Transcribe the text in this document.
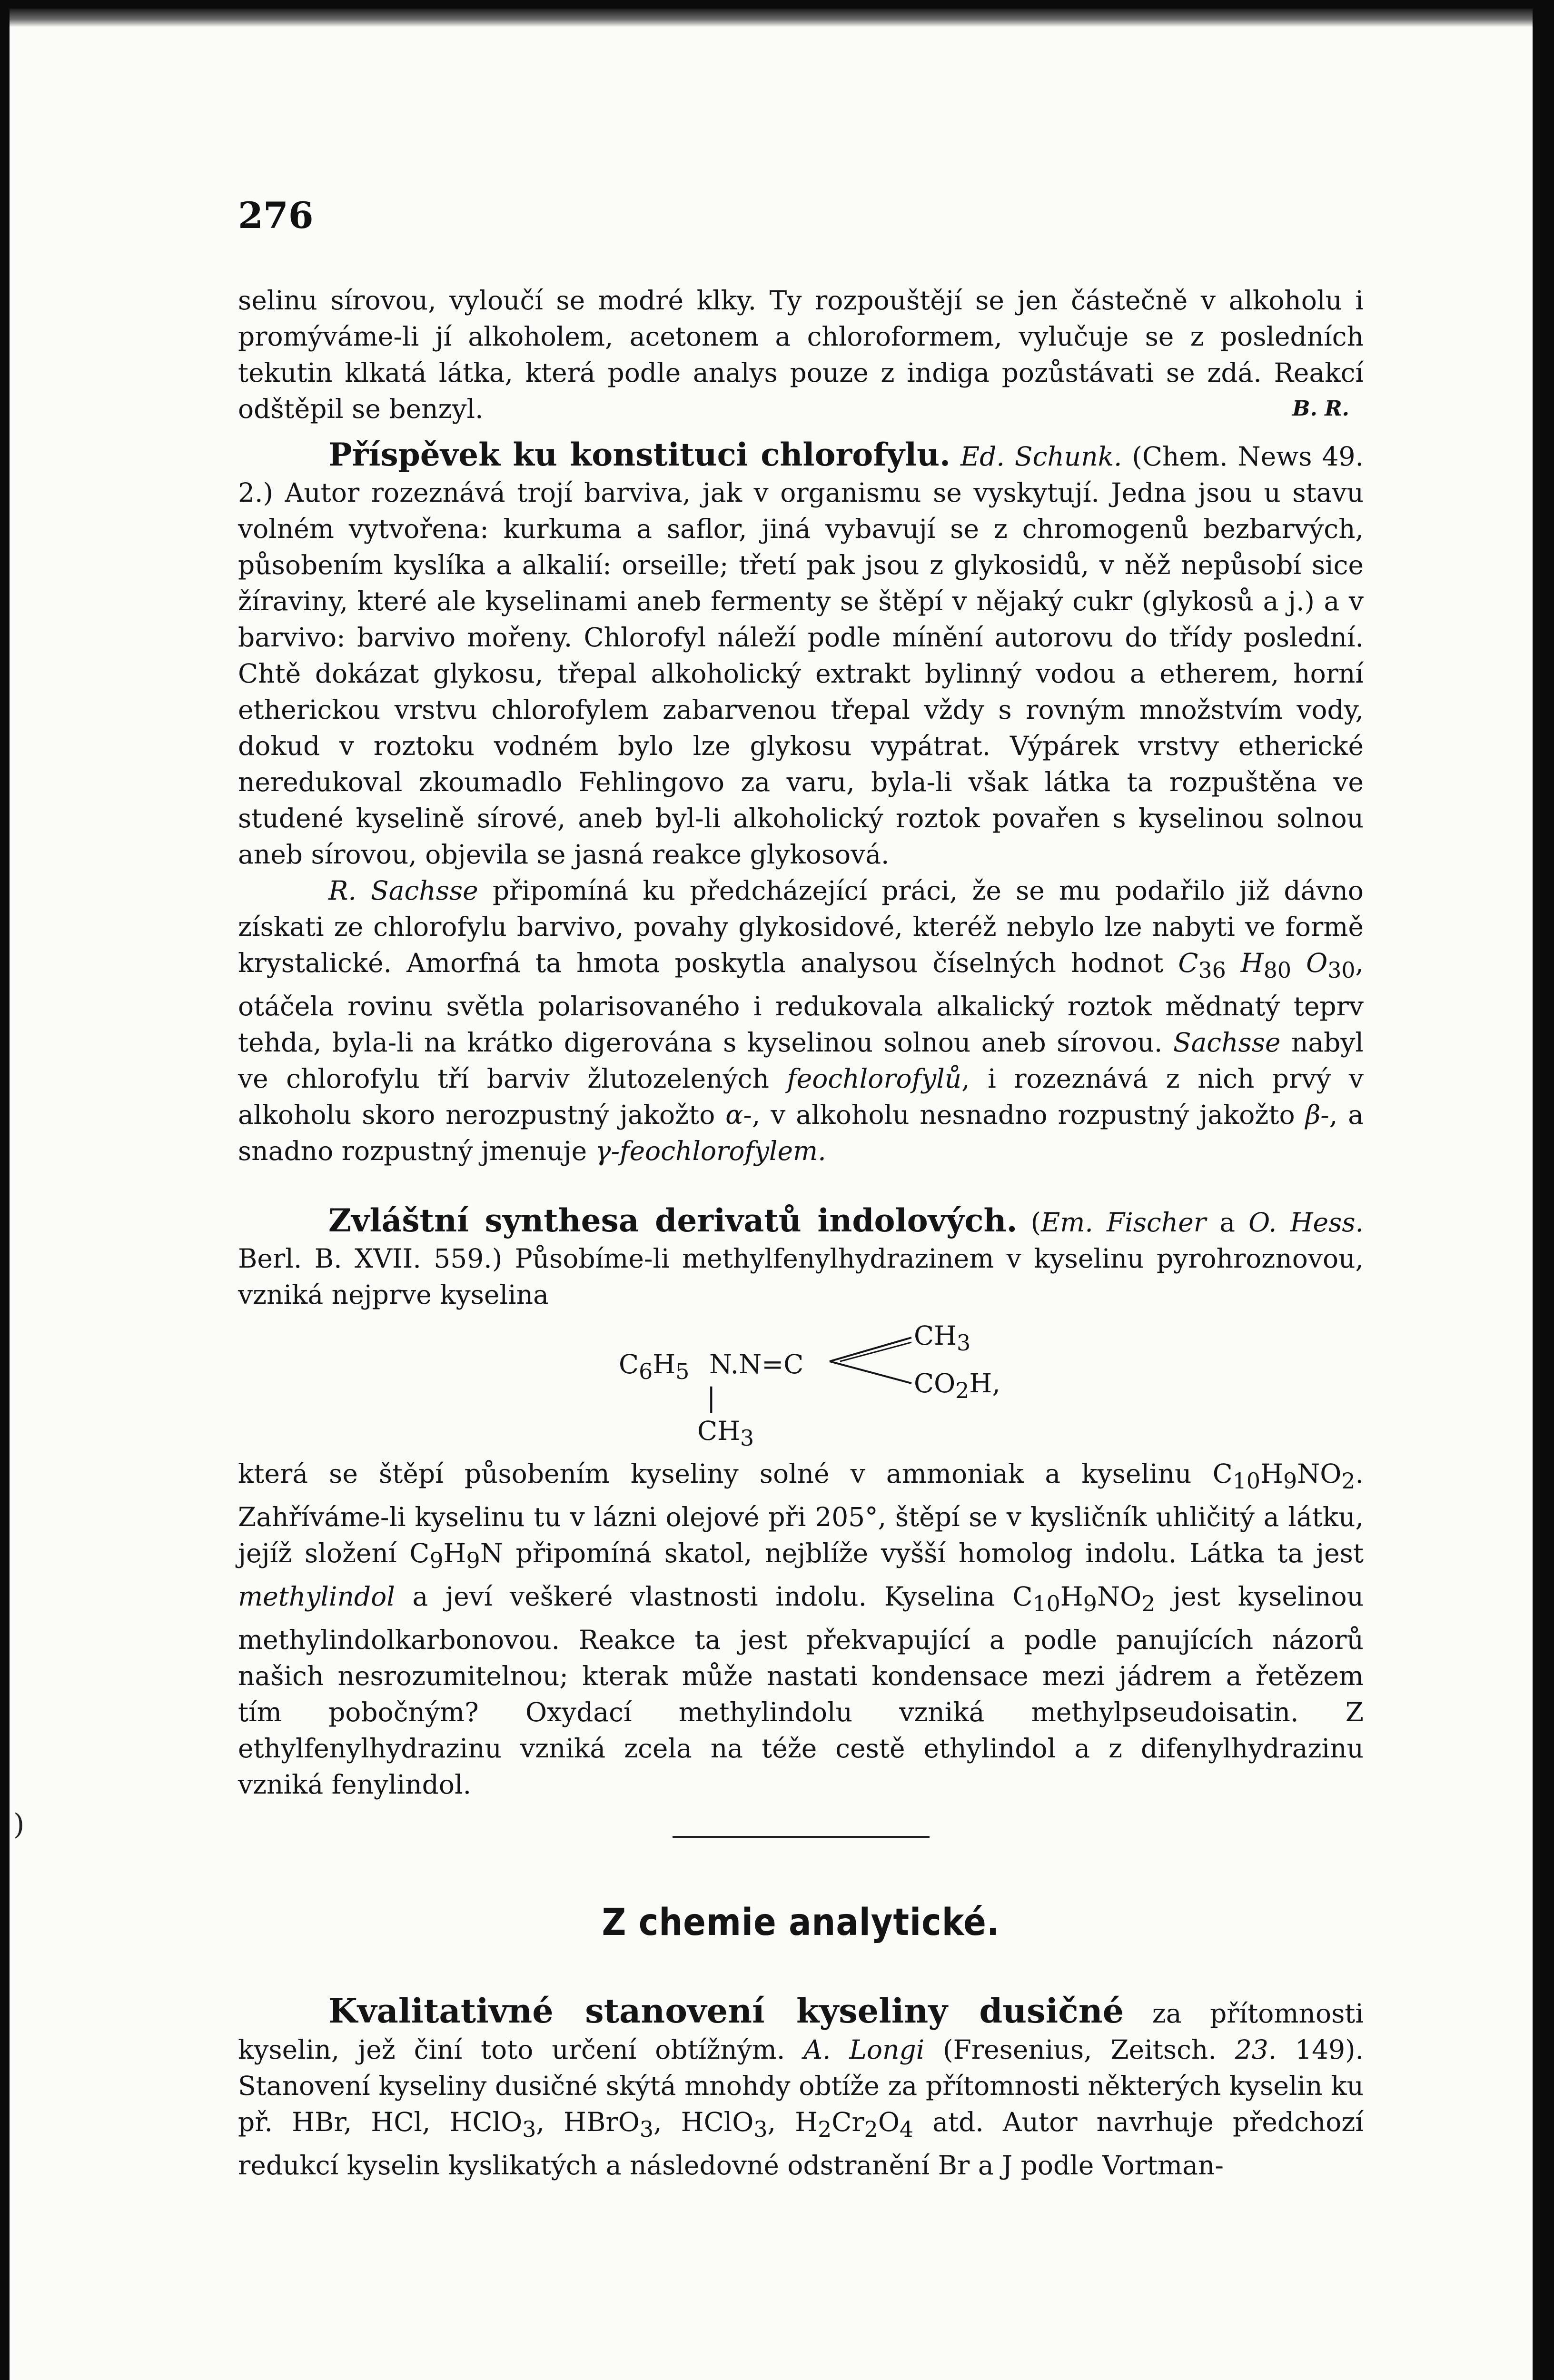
)
276

selinu sírovou, vyloučí se modré klky. Ty rozpouštějí se jen částečně v alkoholu i promýváme-li jí alkoholem, acetonem a chloroformem, vylučuje se z posledních tekutin klkatá látka, která podle analys pouze z indiga pozůstávati se zdá. Reakcí odštěpil se benzyl.	B. R.

Příspěvek ku konstituci chlorofylu. Ed. Schunk. (Chem. News 49. 2.) Autor rozeznává trojí barviva, jak v organismu se vyskytují. Jedna jsou u stavu volném vytvořena: kurkuma a saflor, jiná vybavují se z chromogenů bezbarvých, působením kyslíka a alkalií: orseille; třetí pak jsou z glykosidů, v něž nepůsobí sice žíraviny, které ale kyselinami aneb fermenty se štěpí v nějaký cukr (glykosů a j.) a v barvivo: barvivo mořeny. Chlorofyl náleží podle mínění autorovu do třídy poslední. Chtě dokázat glykosu, třepal alkoholický extrakt bylinný vodou a etherem, horní etherickou vrstvu chlorofylem zabarvenou třepal vždy s rovným množstvím vody, dokud v roztoku vodném bylo lze glykosu vypátrat. Výpárek vrstvy etherické neredukoval zkoumadlo Fehlingovo za varu, byla-li však látka ta rozpuštěna ve studené kyselině sírové, aneb byl-li alkoholický roztok povařen s kyselinou solnou aneb sírovou, objevila se jasná reakce glykosová.

R. Sachsse připomíná ku předcházející práci, že se mu podařilo již dávno získati ze chlorofylu barvivo, povahy glykosidové, kteréž nebylo lze nabyti ve formě krystalické. Amorfná ta hmota poskytla analysou číselných hodnot $C_{36}$ $H_{80}$ $O_{30}$, otáčela rovinu světla polarisovaného i redukovala alkalický roztok mědnatý teprv tehda, byla-li na krátko digerována s kyselinou solnou aneb sírovou. Sachsse nabyl ve chlorofylu tří barviv žlutozelených feochlorofylů, i rozeznává z nich prvý v alkoholu skoro nerozpustný jakožto α-, v alkoholu nesnadno rozpustný jakožto β-, a snadno rozpustný jmenuje γ-feochlorofylem.

Zvláštní synthesa derivatů indolových. (Em. Fischer a O. Hess. Berl. B. XVII. 559.) Působíme-li methylfenylhydrazinem v kyselinu pyrohroznovou, vzniká nejprve kyselina

$C_6H_5$ N.N=C
$CH_3$
$CO_2H$,
|
$CH_3$

která se štěpí působením kyseliny solné v ammoniak a kyselinu $C_{10}H_9NO_2$. Zahříváme-li kyselinu tu v lázni olejové při 205°, štěpí se v kysličník uhličitý a látku, jejíž složení $C_9H_9N$ připomíná skatol, nejblíže vyšší homolog indolu. Látka ta jest methylindol a jeví veškeré vlastnosti indolu. Kyselina $C_{10}H_9NO_2$ jest kyselinou methylindolkarbonovou. Reakce ta jest překvapující a podle panujících názorů našich nesrozumitelnou; kterak může nastati kondensace mezi jádrem a řetězem tím pobočným? Oxydací methylindolu vzniká methylpseudoisatin. Z ethylfenylhydrazinu vzniká zcela na téže cestě ethylindol a z difenylhydrazinu vzniká fenylindol.

Z chemie analytické.

Kvalitativné stanovení kyseliny dusičné za přítomnosti kyselin, jež činí toto určení obtížným. A. Longi (Fresenius, Zeitsch. 23. 149). Stanovení kyseliny dusičné skýtá mnohdy obtíže za přítomnosti některých kyselin ku př. HBr, HCl, HClO$_3$, HBrO$_3$, HClO$_3$, $H_2Cr_2O_4$ atd. Autor navrhuje předchozí redukcí kyselin kyslikatých a následovné odstranění Br a J podle Vortman-
